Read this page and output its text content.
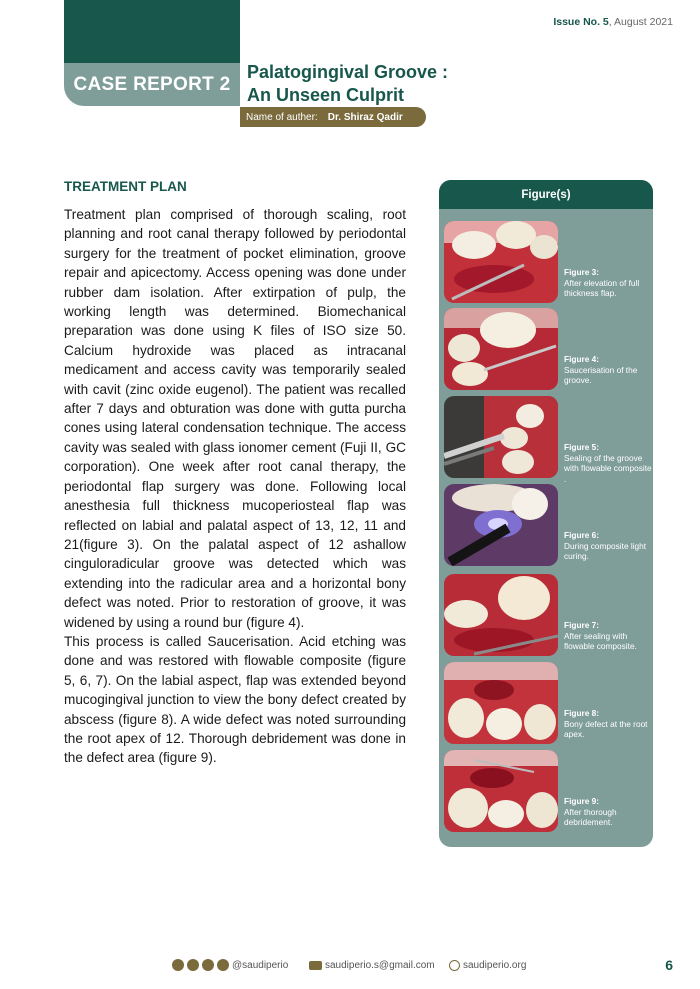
CASE REPORT 2
Issue No. 5, August 2021
Palatogingival Groove :
An Unseen Culprit
Name of auther: Dr. Shiraz Qadir
TREATMENT PLAN

Treatment plan comprised of thorough scaling, root planning and root canal therapy followed by periodontal surgery for the treatment of pocket elimination, groove repair and apicectomy. Access opening was done under rubber dam isolation. After extirpation of pulp, the working length was determined. Biomechanical preparation was done using K files of ISO size 50. Calcium hydroxide was placed as intracanal medicament and access cavity was temporarily sealed with cavit (zinc oxide eugenol). The patient was recalled after 7 days and obturation was done with gutta purcha cones using lateral condensation technique. The access cavity was sealed with glass ionomer cement (Fuji II, GC corporation). One week after root canal therapy, the periodontal flap surgery was done. Following local anesthesia full thickness mucoperiosteal flap was reflected on labial and palatal aspect of 13, 12, 11 and 21(figure 3). On the palatal aspect of 12 ashallow cinguloradicular groove was detected which was extending into the radicular area and a horizontal bony defect was noted. Prior to restoration of groove, it was widened by using a round bur (figure 4).

This process is called Saucerisation. Acid etching was done and was restored with flowable composite (figure 5, 6, 7). On the labial aspect, flap was extended beyond mucogingival junction to view the bony defect created by abscess (figure 8). A wide defect was noted surrounding the root apex of 12. Thorough debridement was done in the defect area (figure 9).

Figure(s)
Figure 3:
After elevation of full thickness flap.
Figure 4:
Saucerisation of the groove.
Figure 5:
Sealing of the groove with flowable composite .
Figure 6:
During composite light curing.
Figure 7:
After sealing with flowable composite.
Figure 8:
Bony defect at the root apex.
Figure 9:
After thorough debridement.
@saudiperio	saudiperio.s@gmail.com	saudiperio.org	6
